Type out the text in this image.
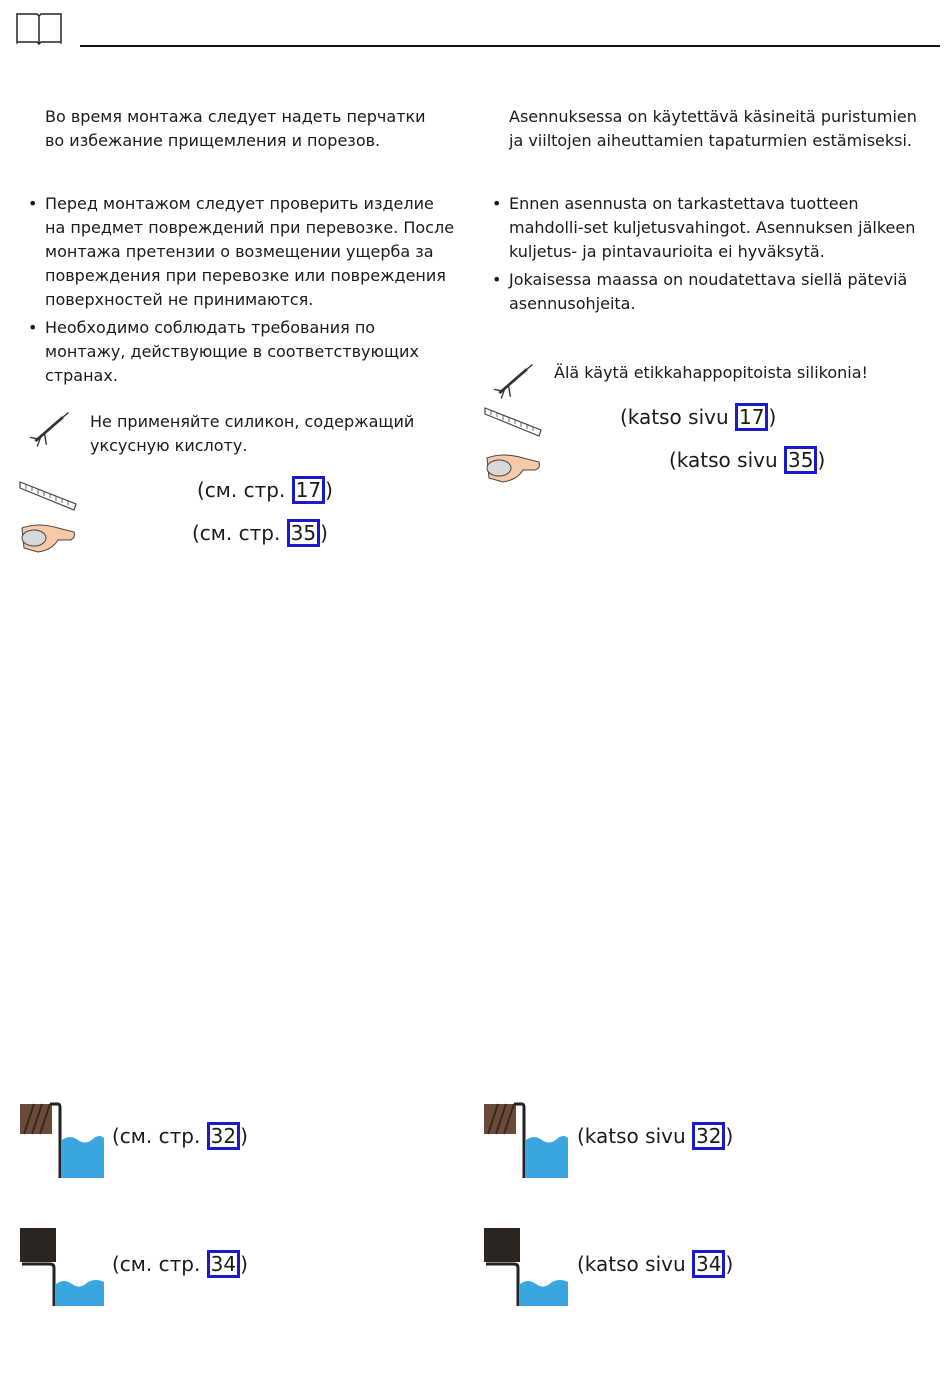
Во время монтажа следует надеть перчатки во избежание прищемления и порезов.

• Перед монтажом следует проверить изделие на предмет повреждений при перевозке. После монтажа претензии о возмещении ущерба за повреждения при перевозке или повреждения поверхностей не принимаются.
• Необходимо соблюдать требования по монтажу, действующие в соответствующих странах.
Не применяйте силикон, содержащий уксусную кислоту.
(см. стр. 17 )
(см. стр. 35 )

Asennuksessa on käytettävä käsineitä puristumien ja viiltojen aiheuttamien tapaturmien estämiseksi.

• Ennen asennusta on tarkastettava tuotteen mahdolli-set kuljetusvahingot. Asennuksen jälkeen kuljetus- ja pintavaurioita ei hyväksytä.
• Jokaisessa maassa on noudatettava siellä päteviä asennusohjeita.
Älä käytä etikkahappopitoista silikonia!
(katso sivu 17 )
(katso sivu 35 )
(см. стр. 32 )
(см. стр. 34 )
(katso sivu 32 )
(katso sivu 34 )
